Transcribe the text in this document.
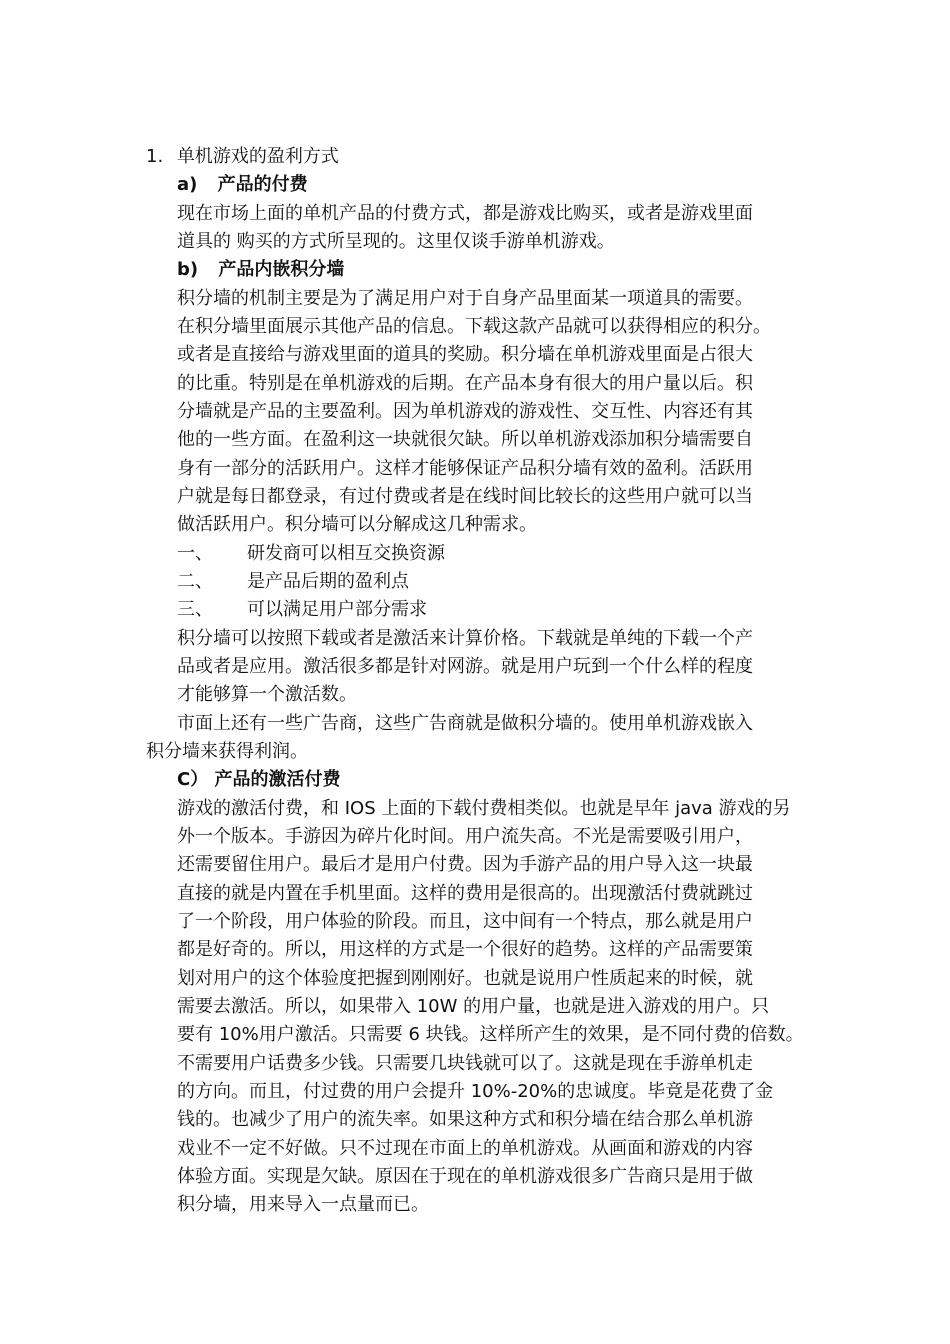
1. 单机游戏的盈利方式
a) 产品的付费
现在市场上面的单机产品的付费方式，都是游戏比购买，或者是游戏里面
道具的 购买的方式所呈现的。这里仅谈手游单机游戏。
b) 产品内嵌积分墙
积分墙的机制主要是为了满足用户对于自身产品里面某一项道具的需要。
在积分墙里面展示其他产品的信息。下载这款产品就可以获得相应的积分。
或者是直接给与游戏里面的道具的奖励。积分墙在单机游戏里面是占很大
的比重。特别是在单机游戏的后期。在产品本身有很大的用户量以后。积
分墙就是产品的主要盈利。因为单机游戏的游戏性、交互性、内容还有其
他的一些方面。在盈利这一块就很欠缺。所以单机游戏添加积分墙需要自
身有一部分的活跃用户。这样才能够保证产品积分墙有效的盈利。活跃用
户就是每日都登录，有过付费或者是在线时间比较长的这些用户就可以当
做活跃用户。积分墙可以分解成这几种需求。
一、 研发商可以相互交换资源
二、 是产品后期的盈利点
三、 可以满足用户部分需求
积分墙可以按照下载或者是激活来计算价格。下载就是单纯的下载一个产
品或者是应用。激活很多都是针对网游。就是用户玩到一个什么样的程度
才能够算一个激活数。
市面上还有一些广告商，这些广告商就是做积分墙的。使用单机游戏嵌入
积分墙来获得利润。
C） 产品的激活付费
游戏的激活付费，和 IOS 上面的下载付费相类似。也就是早年 java 游戏的另
外一个版本。手游因为碎片化时间。用户流失高。不光是需要吸引用户，
还需要留住用户。最后才是用户付费。因为手游产品的用户导入这一块最
直接的就是内置在手机里面。这样的费用是很高的。出现激活付费就跳过
了一个阶段，用户体验的阶段。而且，这中间有一个特点，那么就是用户
都是好奇的。所以，用这样的方式是一个很好的趋势。这样的产品需要策
划对用户的这个体验度把握到刚刚好。也就是说用户性质起来的时候，就
需要去激活。所以，如果带入 10W 的用户量，也就是进入游戏的用户。只
要有 10%用户激活。只需要 6 块钱。这样所产生的效果，是不同付费的倍数。
不需要用户话费多少钱。只需要几块钱就可以了。这就是现在手游单机走
的方向。而且，付过费的用户会提升 10%-20%的忠诚度。毕竟是花费了金
钱的。也减少了用户的流失率。如果这种方式和积分墙在结合那么单机游
戏业不一定不好做。只不过现在市面上的单机游戏。从画面和游戏的内容
体验方面。实现是欠缺。原因在于现在的单机游戏很多广告商只是用于做
积分墙，用来导入一点量而已。
